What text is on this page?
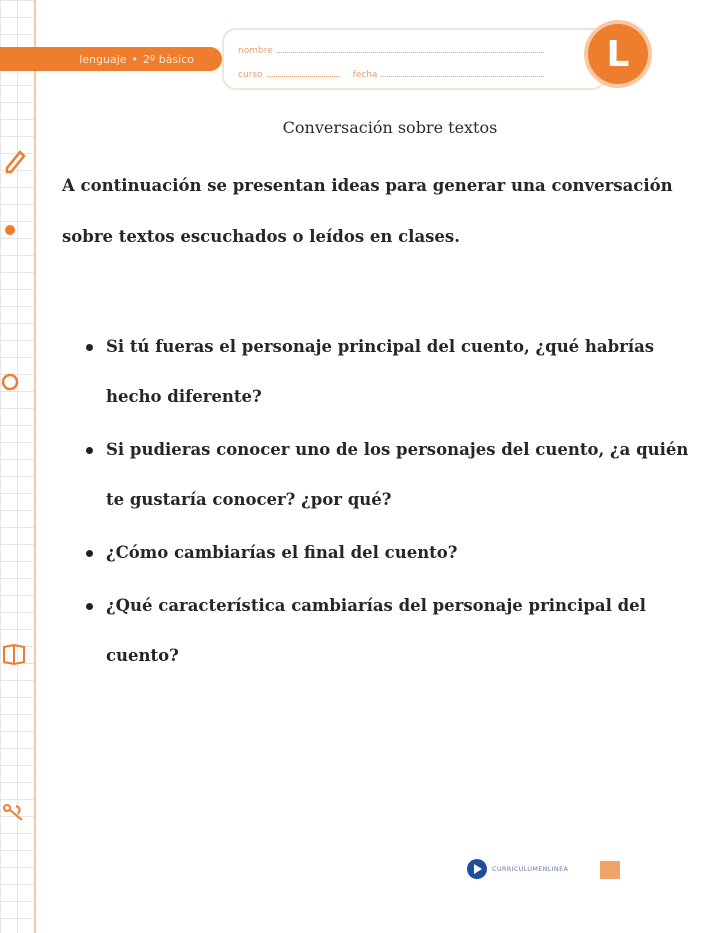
lenguaje • 2º básico
nombre
curso	fecha
L
Conversación sobre textos
A continuación se presentan ideas para generar una conversación sobre textos escuchados o leídos en clases.
Si tú fueras el personaje principal del cuento, ¿qué habrías hecho diferente?
Si pudieras conocer uno de los personajes del cuento, ¿a quién te gustaría conocer? ¿por qué?
¿Cómo cambiarías el final del cuento?
¿Qué característica cambiarías del personaje principal del cuento?
CURRICULUMENLINEA
